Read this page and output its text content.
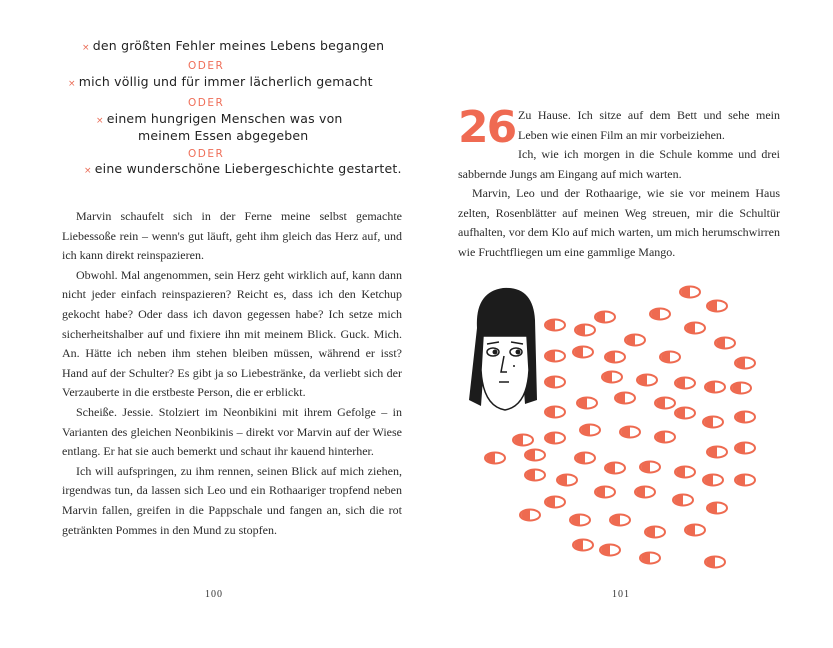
× den größten Fehler meines Lebens begangen
ODER
× mich völlig und für immer lächerlich gemacht
ODER
× einem hungrigen Menschen was von
meinem Essen abgegeben
ODER
× eine wunderschöne Liebergeschichte gestartet.

Marvin schaufelt sich in der Ferne meine selbst gemachte Liebessoße rein – wenn's gut läuft, geht ihm gleich das Herz auf, und ich kann direkt reinspazieren.

Obwohl. Mal angenommen, sein Herz geht wirklich auf, kann dann nicht jeder einfach reinspazieren? Reicht es, dass ich den Ketchup gekocht habe? Oder dass ich davon gegessen habe? Ich setze mich sicherheitshalber auf und fixiere ihn mit meinem Blick. Guck. Mich. An. Hätte ich neben ihm stehen bleiben müssen, während er isst? Hand auf der Schulter? Es gibt ja so Liebestränke, da verliebt sich der Verzauberte in die erstbeste Person, die er erblickt.

Scheiße. Jessie. Stolziert im Neonbikini mit ihrem Gefolge – in Varianten des gleichen Neonbikinis – direkt vor Marvin auf der Wiese entlang. Er hat sie auch bemerkt und schaut ihr kauend hinterher.

Ich will aufspringen, zu ihm rennen, seinen Blick auf mich ziehen, irgendwas tun, da lassen sich Leo und ein Rothaariger tropfend neben Marvin fallen, greifen in die Pappschale und fangen an, sich die rot getränkten Pommes in den Mund zu stopfen.

100
26 Zu Hause. Ich sitze auf dem Bett und sehe mein Leben wie einen Film an mir vorbeiziehen.

Ich, wie ich morgen in die Schule komme und drei sabbernde Jungs am Eingang auf mich warten.

Marvin, Leo und der Rothaarige, wie sie vor meinem Haus zelten, Rosenblätter auf meinen Weg streuen, mir die Schultür aufhalten, vor dem Klo auf mich warten, um mich herumschwirren wie Fruchtfliegen um eine gammlige Mango.

101
